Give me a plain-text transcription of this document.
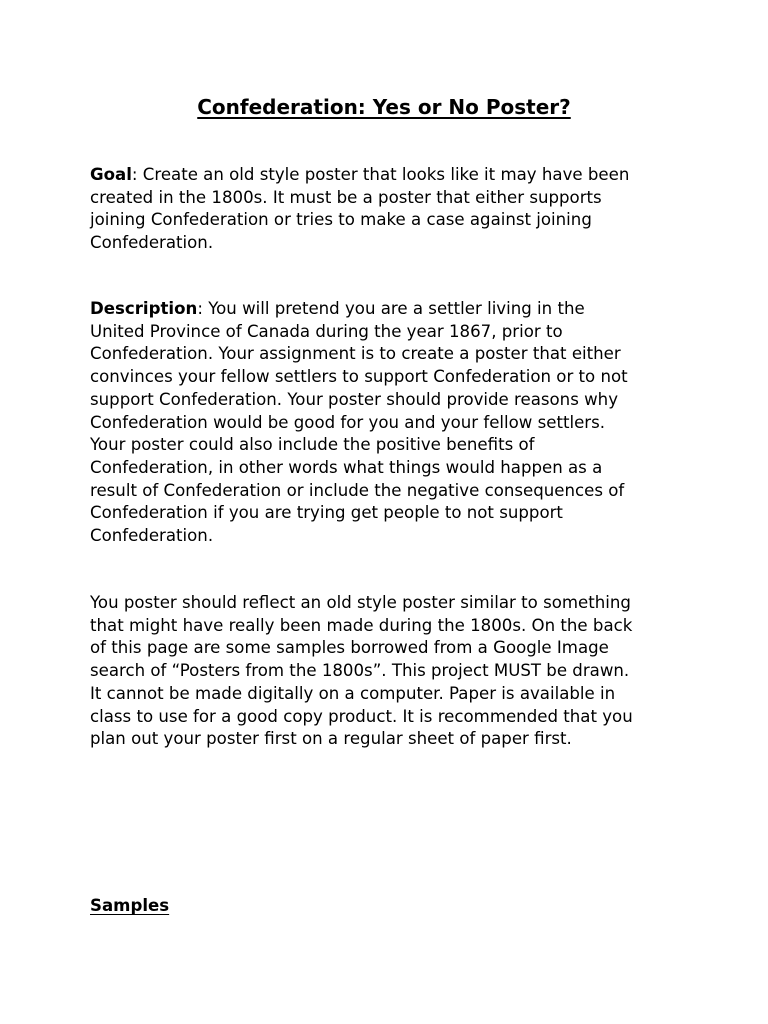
Confederation: Yes or No Poster?

Goal: Create an old style poster that looks like it may have been
created in the 1800s. It must be a poster that either supports
joining Confederation or tries to make a case against joining
Confederation.

Description: You will pretend you are a settler living in the
United Province of Canada during the year 1867, prior to
Confederation. Your assignment is to create a poster that either
convinces your fellow settlers to support Confederation or to not
support Confederation. Your poster should provide reasons why
Confederation would be good for you and your fellow settlers.
Your poster could also include the positive benefits of
Confederation, in other words what things would happen as a
result of Confederation or include the negative consequences of
Confederation if you are trying get people to not support
Confederation.

You poster should reflect an old style poster similar to something
that might have really been made during the 1800s. On the back
of this page are some samples borrowed from a Google Image
search of “Posters from the 1800s”. This project MUST be drawn.
It cannot be made digitally on a computer. Paper is available in
class to use for a good copy product. It is recommended that you
plan out your poster first on a regular sheet of paper first.

Samples
